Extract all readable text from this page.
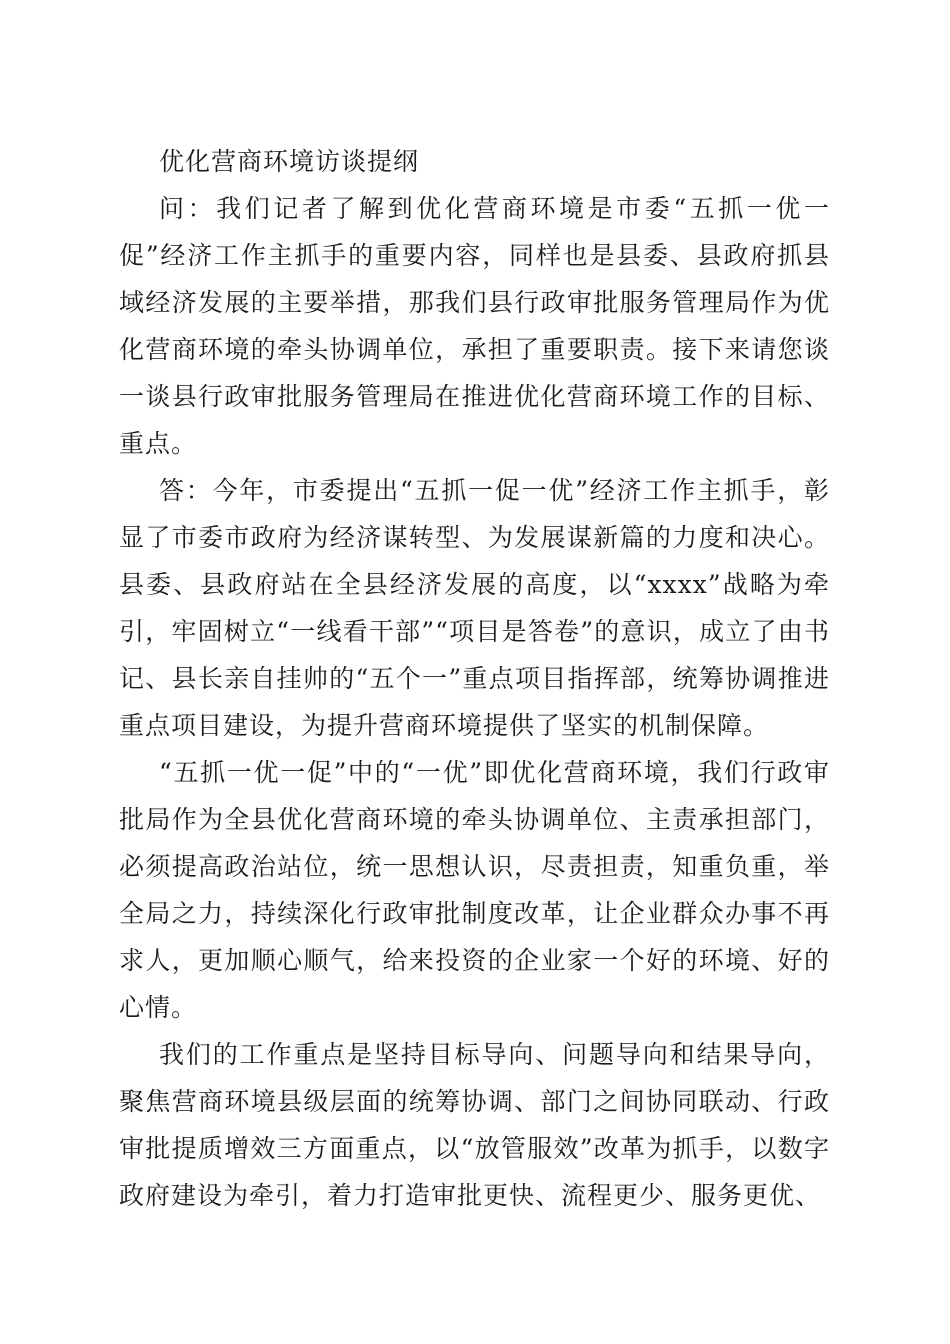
优化营商环境访谈提纲

问：我们记者了解到优化营商环境是市委“五抓一优一促”经济工作主抓手的重要内容，同样也是县委、县政府抓县域经济发展的主要举措，那我们县行政审批服务管理局作为优化营商环境的牵头协调单位，承担了重要职责。接下来请您谈一谈县行政审批服务管理局在推进优化营商环境工作的目标、重点。

答：今年，市委提出“五抓一促一优”经济工作主抓手，彰显了市委市政府为经济谋转型、为发展谋新篇的力度和决心。县委、县政府站在全县经济发展的高度，以“xxxx”战略为牵引，牢固树立“一线看干部”“项目是答卷”的意识，成立了由书记、县长亲自挂帅的“五个一”重点项目指挥部，统筹协调推进重点项目建设，为提升营商环境提供了坚实的机制保障。

“五抓一优一促”中的“一优”即优化营商环境，我们行政审批局作为全县优化营商环境的牵头协调单位、主责承担部门，必须提高政治站位，统一思想认识，尽责担责，知重负重，举全局之力，持续深化行政审批制度改革，让企业群众办事不再求人，更加顺心顺气，给来投资的企业家一个好的环境、好的心情。

我们的工作重点是坚持目标导向、问题导向和结果导向，聚焦营商环境县级层面的统筹协调、部门之间协同联动、行政审批提质增效三方面重点，以“放管服效”改革为抓手，以数字政府建设为牵引，着力打造审批更快、流程更少、服务更优、
